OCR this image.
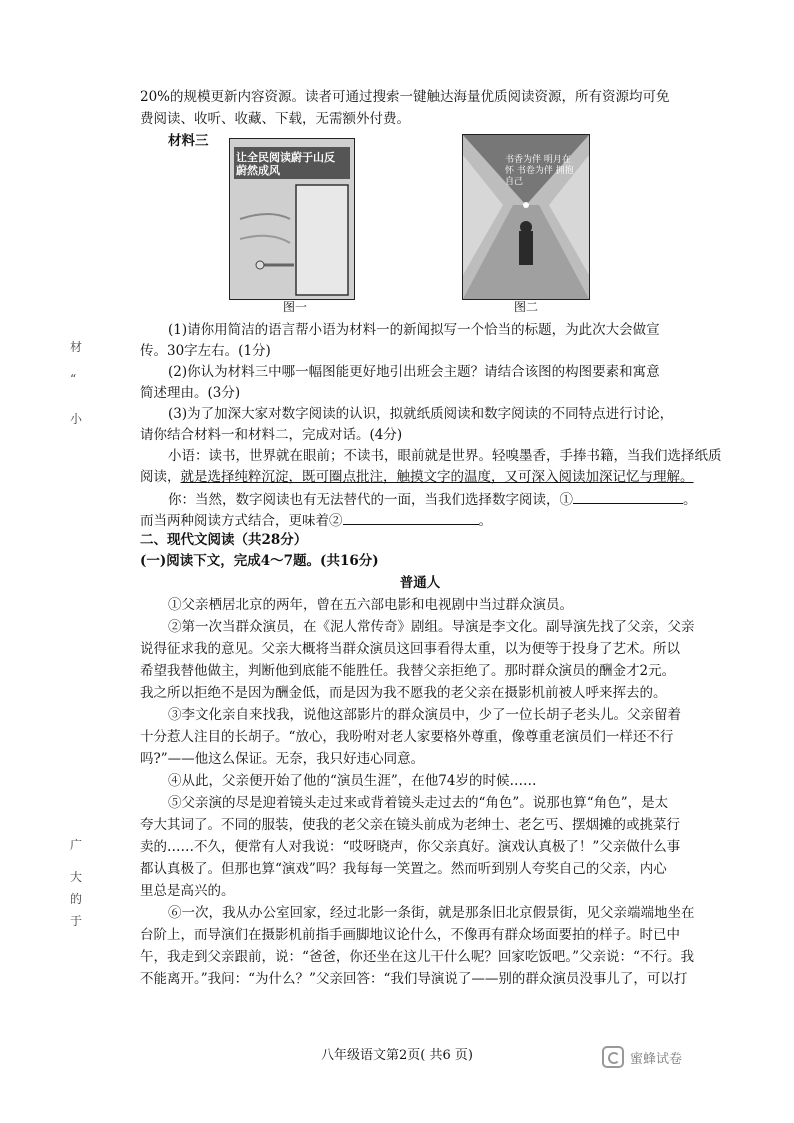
20%的规模更新内容资源。读者可通过搜索一键触达海量优质阅读资源，所有资源均可免
费阅读、收听、收藏、下载，无需额外付费。
材料三
让全民阅读蔚于山反 蔚然成风
图一
书香为伴 明月在怀 书卷为伴 拥抱自己
图二
(1)请你用简洁的语言帮小语为材料一的新闻拟写一个恰当的标题，为此次大会做宣
传。30字左右。(1分)
(2)你认为材料三中哪一幅图能更好地引出班会主题？请结合该图的构图要素和寓意
简述理由。(3分)
(3)为了加深大家对数字阅读的认识，拟就纸质阅读和数字阅读的不同特点进行讨论，
请你结合材料一和材料二，完成对话。(4分)
小语：读书，世界就在眼前；不读书，眼前就是世界。轻嗅墨香，手捧书籍，当我们选择纸质
阅读，就是选择纯粹沉淀，既可圈点批注，触摸文字的温度，又可深入阅读加深记忆与理解。
你：当然，数字阅读也有无法替代的一面，当我们选择数字阅读，①	。
而当两种阅读方式结合，更味着②	。
二、现代文阅读（共28分）
(一)阅读下文，完成4～7题。(共16分)
普通人
①父亲栖居北京的两年，曾在五六部电影和电视剧中当过群众演员。
②第一次当群众演员，在《泥人常传奇》剧组。导演是李文化。副导演先找了父亲，父亲
说得征求我的意见。父亲大概将当群众演员这回事看得太重，以为便等于投身了艺术。所以
希望我替他做主，判断他到底能不能胜任。我替父亲拒绝了。那时群众演员的酬金才2元。
我之所以拒绝不是因为酬金低，而是因为我不愿我的老父亲在摄影机前被人呼来挥去的。
③李文化亲自来找我，说他这部影片的群众演员中，少了一位长胡子老头儿。父亲留着
十分惹人注目的长胡子。“放心，我吩咐对老人家要格外尊重，像尊重老演员们一样还不行
吗?”——他这么保证。无奈，我只好违心同意。
④从此，父亲便开始了他的“演员生涯”，在他74岁的时候……
⑤父亲演的尽是迎着镜头走过来或背着镜头走过去的“角色”。说那也算“角色”，是太
夸大其词了。不同的服装，使我的老父亲在镜头前成为老绅士、老乞丐、摆烟摊的或挑菜行
卖的……不久，便常有人对我说：“哎呀晓声，你父亲真好。演戏认真极了！”父亲做什么事
都认真极了。但那也算“演戏”吗？我每每一笑置之。然而听到别人夸奖自己的父亲，内心
里总是高兴的。
⑥一次，我从办公室回家，经过北影一条街，就是那条旧北京假景街，见父亲端端地坐在
台阶上，而导演们在摄影机前指手画脚地议论什么，不像再有群众场面要拍的样子。时已中
午，我走到父亲跟前，说：“爸爸，你还坐在这儿干什么呢？回家吃饭吧。”父亲说：“不行。我
不能离开。”我问：“为什么？”父亲回答：“我们导演说了——别的群众演员没事儿了，可以打
八年级语文第2页( 共6 页)	蜜蜂试卷
材
“
小
广
大
的
于
